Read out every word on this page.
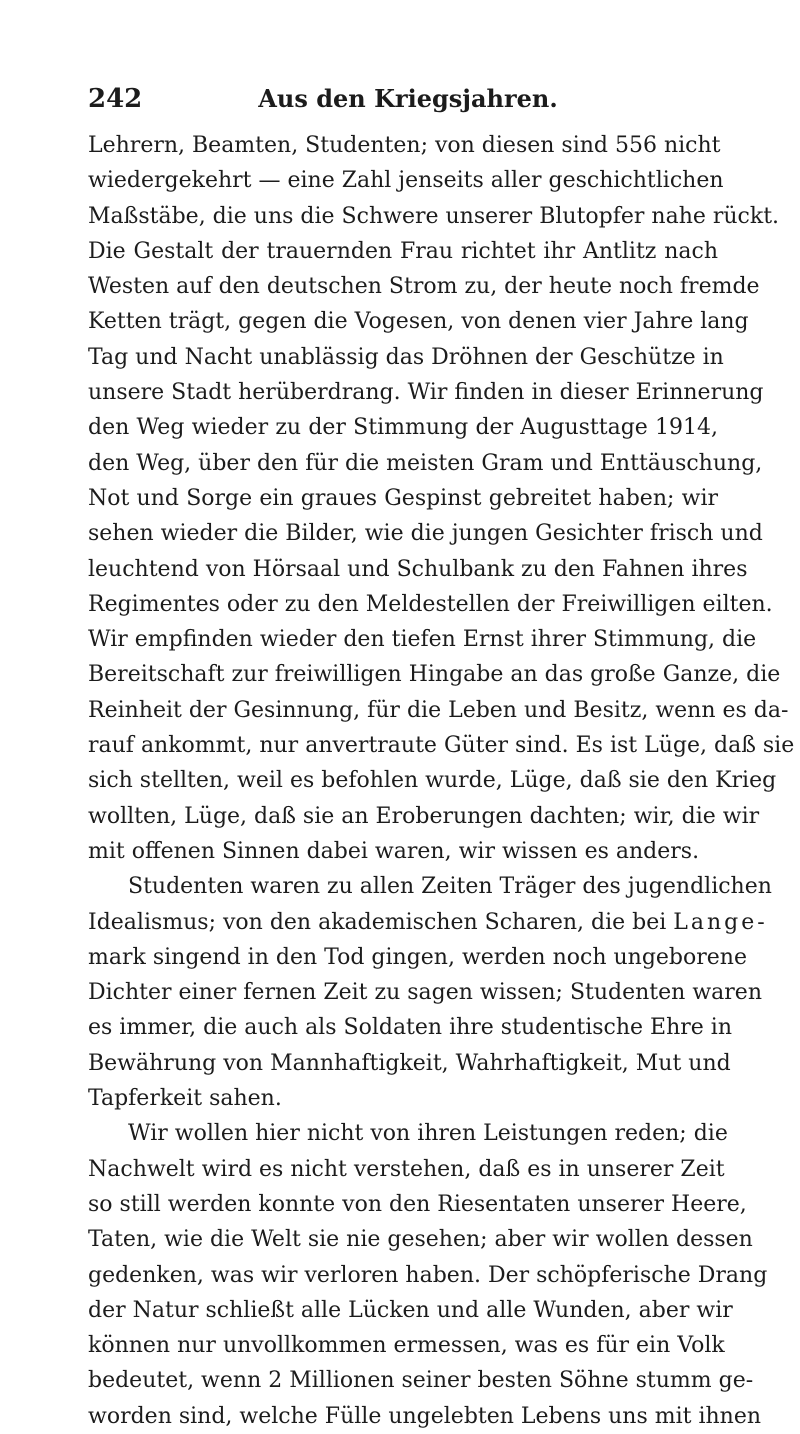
242	Aus den Kriegsjahren.
Lehrern, Beamten, Studenten; von diesen sind 556 nicht
wiedergekehrt — eine Zahl jenseits aller geschichtlichen
Maßstäbe, die uns die Schwere unserer Blutopfer nahe rückt.
Die Gestalt der trauernden Frau richtet ihr Antlitz nach
Westen auf den deutschen Strom zu, der heute noch fremde
Ketten trägt, gegen die Vogesen, von denen vier Jahre lang
Tag und Nacht unablässig das Dröhnen der Geschütze in
unsere Stadt herüberdrang. Wir finden in dieser Erinnerung
den Weg wieder zu der Stimmung der Augusttage 1914,
den Weg, über den für die meisten Gram und Enttäuschung,
Not und Sorge ein graues Gespinst gebreitet haben; wir
sehen wieder die Bilder, wie die jungen Gesichter frisch und
leuchtend von Hörsaal und Schulbank zu den Fahnen ihres
Regimentes oder zu den Meldestellen der Freiwilligen eilten.
Wir empfinden wieder den tiefen Ernst ihrer Stimmung, die
Bereitschaft zur freiwilligen Hingabe an das große Ganze, die
Reinheit der Gesinnung, für die Leben und Besitz, wenn es da-
rauf ankommt, nur anvertraute Güter sind. Es ist Lüge, daß sie
sich stellten, weil es befohlen wurde, Lüge, daß sie den Krieg
wollten, Lüge, daß sie an Eroberungen dachten; wir, die wir
mit offenen Sinnen dabei waren, wir wissen es anders.
Studenten waren zu allen Zeiten Träger des jugendlichen
Idealismus; von den akademischen Scharen, die bei Lange-
mark singend in den Tod gingen, werden noch ungeborene
Dichter einer fernen Zeit zu sagen wissen; Studenten waren
es immer, die auch als Soldaten ihre studentische Ehre in
Bewährung von Mannhaftigkeit, Wahrhaftigkeit, Mut und
Tapferkeit sahen.
Wir wollen hier nicht von ihren Leistungen reden; die
Nachwelt wird es nicht verstehen, daß es in unserer Zeit
so still werden konnte von den Riesentaten unserer Heere,
Taten, wie die Welt sie nie gesehen; aber wir wollen dessen
gedenken, was wir verloren haben. Der schöpferische Drang
der Natur schließt alle Lücken und alle Wunden, aber wir
können nur unvollkommen ermessen, was es für ein Volk
bedeutet, wenn 2 Millionen seiner besten Söhne stumm ge-
worden sind, welche Fülle ungelebten Lebens uns mit ihnen
